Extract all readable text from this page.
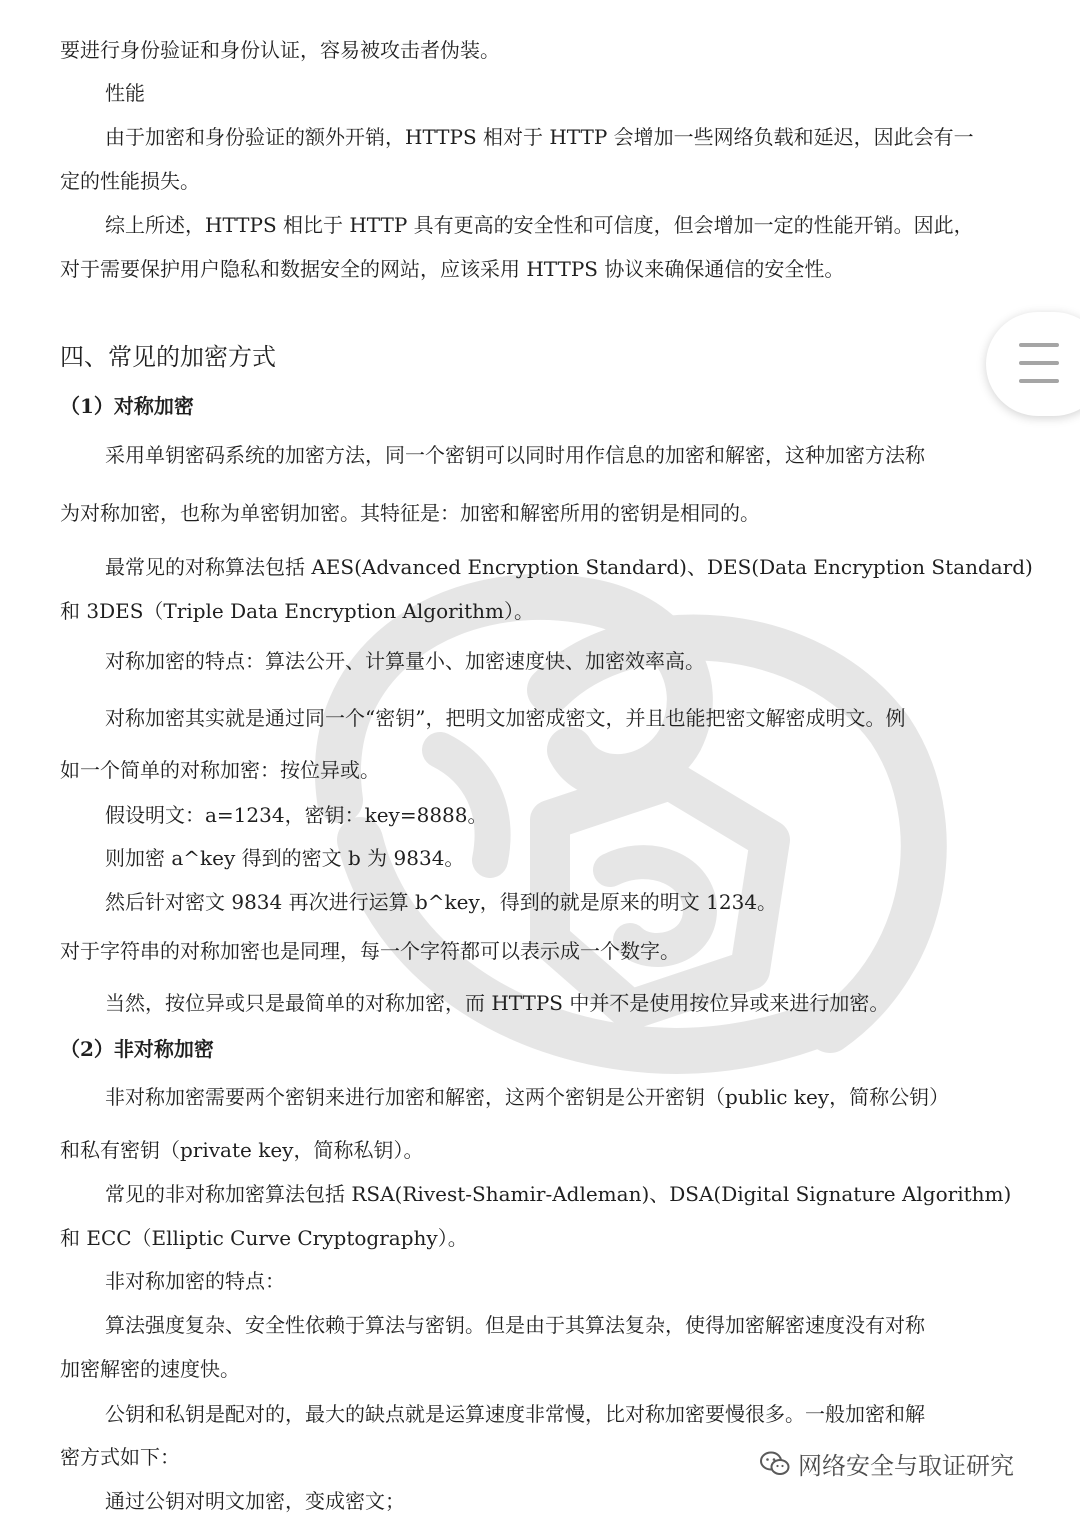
要进行身份验证和身份认证，容易被攻击者伪装。
性能
由于加密和身份验证的额外开销，HTTPS 相对于 HTTP 会增加一些网络负载和延迟，因此会有一
定的性能损失。
综上所述，HTTPS 相比于 HTTP 具有更高的安全性和可信度，但会增加一定的性能开销。因此，
对于需要保护用户隐私和数据安全的网站，应该采用 HTTPS 协议来确保通信的安全性。
四、常见的加密方式
（1）对称加密
采用单钥密码系统的加密方法，同一个密钥可以同时用作信息的加密和解密，这种加密方法称
为对称加密，也称为单密钥加密。其特征是：加密和解密所用的密钥是相同的。
最常见的对称算法包括 AES(Advanced Encryption Standard)、DES(Data Encryption Standard)
和 3DES（Triple Data Encryption Algorithm）。
对称加密的特点：算法公开、计算量小、加密速度快、加密效率高。
对称加密其实就是通过同一个“密钥”，把明文加密成密文，并且也能把密文解密成明文。例
如一个简单的对称加密：按位异或。
假设明文：a=1234，密钥：key=8888。
则加密 a^key 得到的密文 b 为 9834。
然后针对密文 9834 再次进行运算 b^key，得到的就是原来的明文 1234。
对于字符串的对称加密也是同理，每一个字符都可以表示成一个数字。
当然，按位异或只是最简单的对称加密，而 HTTPS 中并不是使用按位异或来进行加密。
（2）非对称加密
非对称加密需要两个密钥来进行加密和解密，这两个密钥是公开密钥（public key，简称公钥）
和私有密钥（private key，简称私钥）。
常见的非对称加密算法包括 RSA(Rivest-Shamir-Adleman)、DSA(Digital Signature Algorithm)
和 ECC（Elliptic Curve Cryptography）。
非对称加密的特点：
算法强度复杂、安全性依赖于算法与密钥。但是由于其算法复杂，使得加密解密速度没有对称
加密解密的速度快。
公钥和私钥是配对的，最大的缺点就是运算速度非常慢，比对称加密要慢很多。一般加密和解
密方式如下：
通过公钥对明文加密，变成密文；
网络安全与取证研究
